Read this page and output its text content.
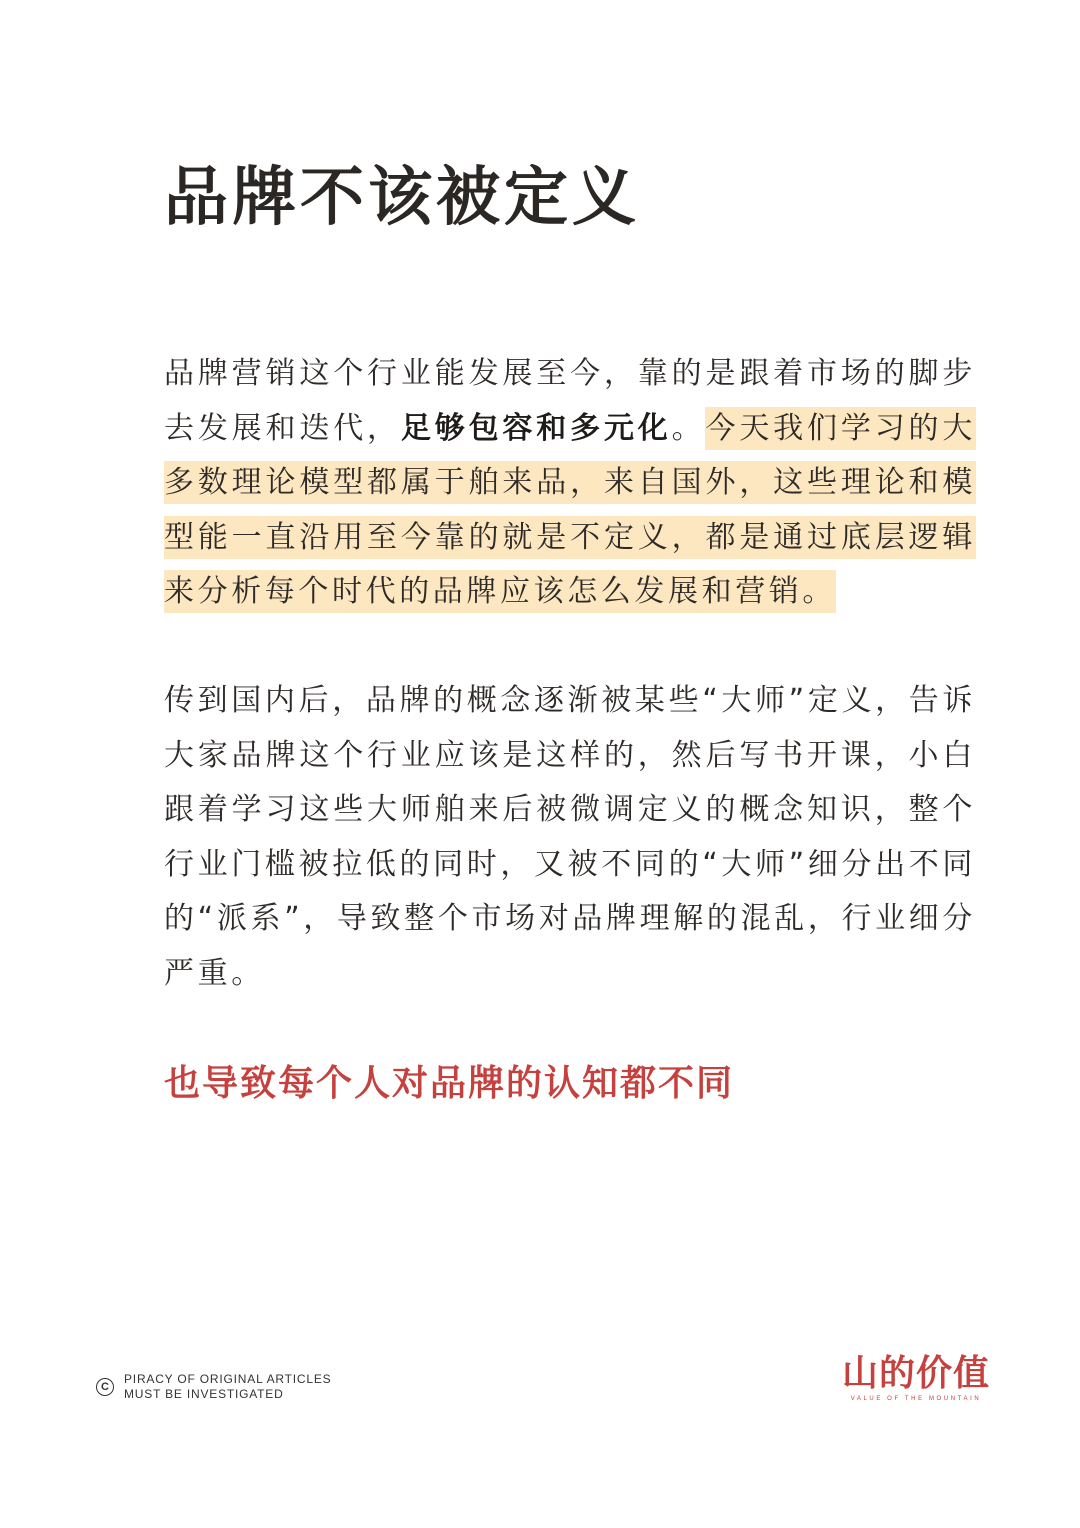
品牌不该被定义

品牌营销这个行业能发展至今，靠的是跟着市场的脚步去发展和迭代，足够包容和多元化。今天我们学习的大多数理论模型都属于舶来品，来自国外，这些理论和模型能一直沿用至今靠的就是不定义，都是通过底层逻辑来分析每个时代的品牌应该怎么发展和营销。

传到国内后，品牌的概念逐渐被某些“大师”定义，告诉大家品牌这个行业应该是这样的，然后写书开课，小白跟着学习这些大师舶来后被微调定义的概念知识，整个行业门槛被拉低的同时，又被不同的“大师”细分出不同的“派系”，导致整个市场对品牌理解的混乱，行业细分严重。

也导致每个人对品牌的认知都不同

C
PIRACY OF ORIGINAL ARTICLES
MUST BE INVESTIGATED	山的价值
VALUE OF THE MOUNTAIN
